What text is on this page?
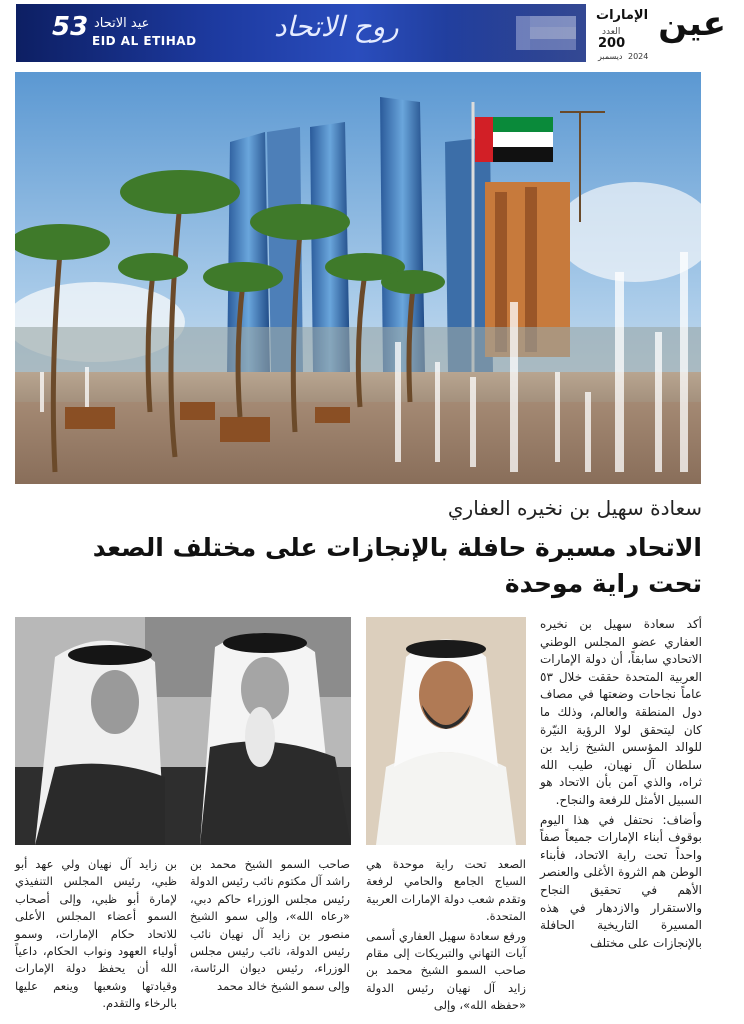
53 عيد الاتحاد
EID AL ETIHAD	روح الاتحاد	عين
الإمارات
العدد
200
ديسمبر 2024
سعادة سهيل بن نخيره العفاري
الاتحاد مسيرة حافلة بالإنجازات على مختلف الصعد تحت راية موحدة

أكد سعادة سهيل بن نخيره العفاري عضو المجلس الوطني الاتحادي سابقاً، أن دولة الإمارات العربية المتحدة حققت خلال ٥٣ عاماً نجاحات وضعتها في مصاف دول المنطقة والعالم، وذلك ما كان ليتحقق لولا الرؤية النيّرة للوالد المؤسس الشيخ زايد بن سلطان آل نهيان، طيب الله ثراه، والذي آمن بأن الاتحاد هو السبيل الأمثل للرفعة والنجاح.

وأضاف: نحتفل في هذا اليوم بوقوف أبناء الإمارات جميعاً صفاً واحداً تحت راية الاتحاد، فأبناء الوطن هم الثروة الأغلى والعنصر الأهم في تحقيق النجاح والاستقرار والازدهار في هذه المسيرة التاريخية الحافلة بالإنجازات على مختلف

الصعد تحت راية موحدة هي السياج الجامع والحامي لرفعة وتقدم شعب دولة الإمارات العربية المتحدة.

ورفع سعادة سهيل العفاري أسمى آيات التهاني والتبريكات إلى مقام صاحب السمو الشيخ محمد بن زايد آل نهيان رئيس الدولة «حفظه الله»، وإلى

صاحب السمو الشيخ محمد بن راشد آل مكتوم نائب رئيس الدولة رئيس مجلس الوزراء حاكم دبي، «رعاه الله»، وإلى سمو الشيخ منصور بن زايد آل نهيان نائب رئيس الدولة، نائب رئيس مجلس الوزراء، رئيس ديوان الرئاسة، وإلى سمو الشيخ خالد محمد

بن زايد آل نهيان ولي عهد أبو ظبي، رئيس المجلس التنفيذي لإمارة أبو ظبي، وإلى أصحاب السمو أعضاء المجلس الأعلى للاتحاد حكام الإمارات، وسمو أولياء العهود ونواب الحكام، داعياً الله أن يحفظ دولة الإمارات وقيادتها وشعبها وينعم عليها بالرخاء والتقدم.
